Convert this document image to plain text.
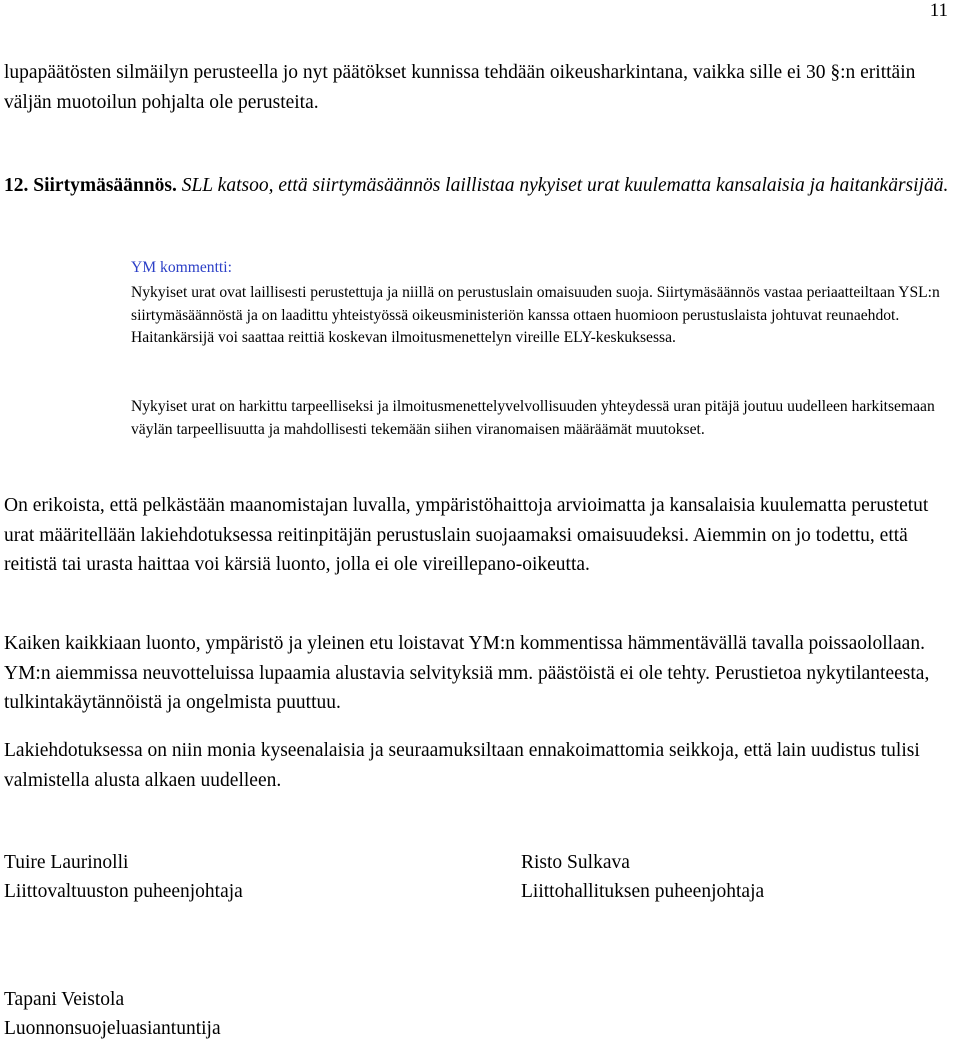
11

lupapäätösten silmäilyn perusteella jo nyt päätökset kunnissa tehdään oikeusharkintana, vaikka sille ei 30 §:n erittäin väljän muotoilun pohjalta ole perusteita.

12. Siirtymäsäännös. SLL katsoo, että siirtymäsäännös laillistaa nykyiset urat kuulematta kansalaisia ja haitankärsijää.

YM kommentti:

Nykyiset urat ovat laillisesti perustettuja ja niillä on perustuslain omaisuuden suoja. Siirtymäsäännös vastaa periaatteiltaan YSL:n siirtymäsäännöstä ja on laadittu yhteistyössä oikeusministeriön kanssa ottaen huomioon perustuslaista johtuvat reunaehdot. Haitankärsijä voi saattaa reittiä koskevan ilmoitusmenettelyn vireille ELY-keskuksessa.

Nykyiset urat on harkittu tarpeelliseksi ja ilmoitusmenettelyvelvollisuuden yhteydessä uran pitäjä joutuu uudelleen harkitsemaan väylän tarpeellisuutta ja mahdollisesti tekemään siihen viranomaisen määräämät muutokset.

On erikoista, että pelkästään maanomistajan luvalla, ympäristöhaittoja arvioimatta ja kansalaisia kuulematta perustetut urat määritellään lakiehdotuksessa reitinpitäjän perustuslain suojaamaksi omaisuudeksi. Aiemmin on jo todettu, että reitistä tai urasta haittaa voi kärsiä luonto, jolla ei ole vireillepano-oikeutta.

Kaiken kaikkiaan luonto, ympäristö ja yleinen etu loistavat YM:n kommentissa hämmentävällä tavalla poissaolollaan. YM:n aiemmissa neuvotteluissa lupaamia alustavia selvityksiä mm. päästöistä ei ole tehty. Perustietoa nykytilanteesta, tulkintakäytännöistä ja ongelmista puuttuu.

Lakiehdotuksessa on niin monia kyseenalaisia ja seuraamuksiltaan ennakoimattomia seikkoja, että lain uudistus tulisi valmistella alusta alkaen uudelleen.

Tuire Laurinolli
Liittovaltuuston puheenjohtaja
Risto Sulkava
Liittohallituksen puheenjohtaja
Tapani Veistola
Luonnonsuojeluasiantuntija
